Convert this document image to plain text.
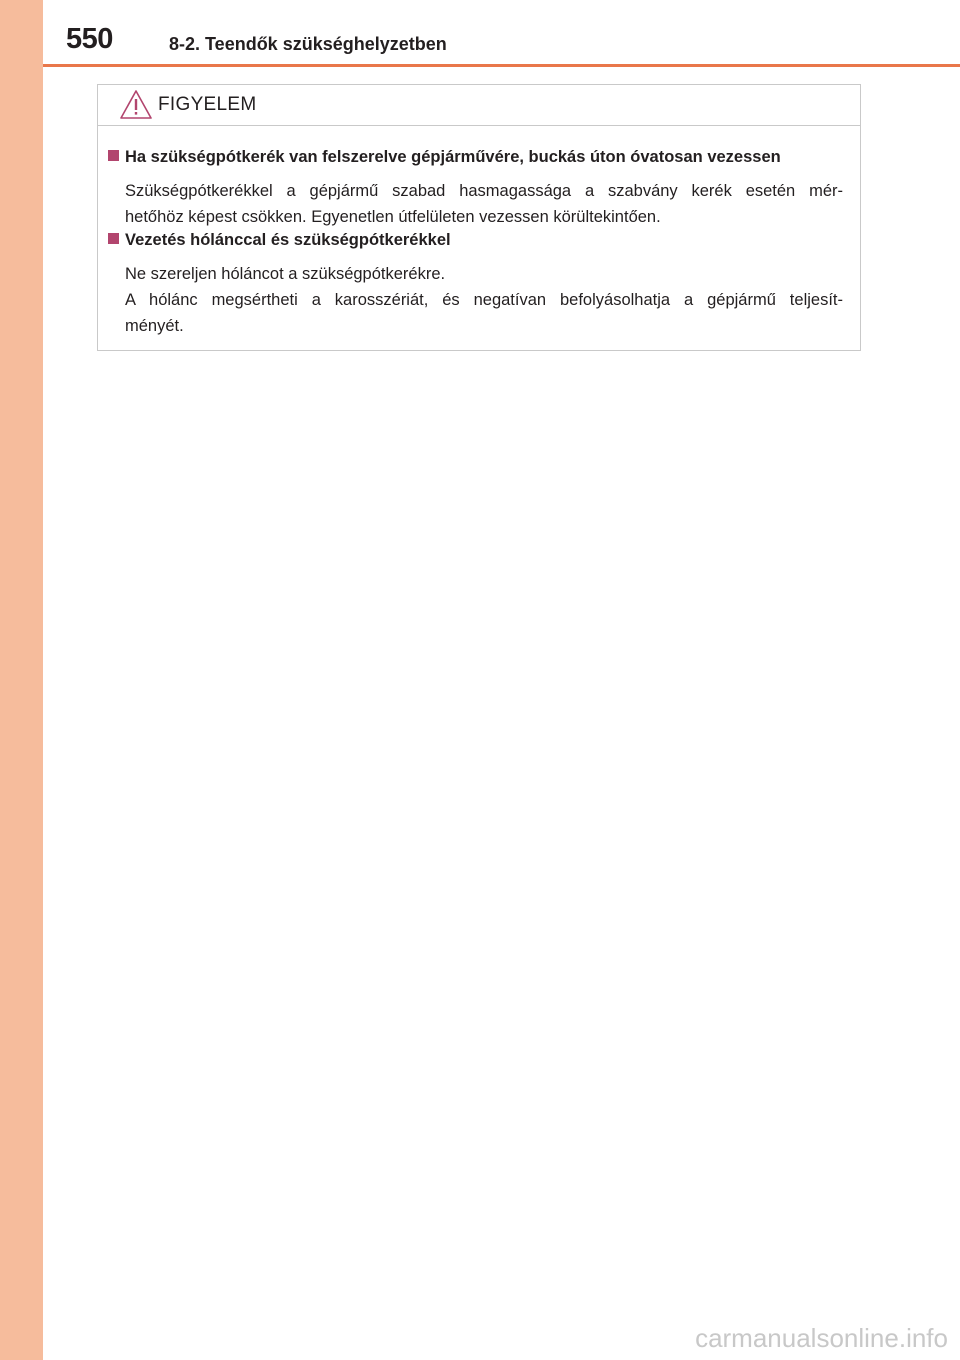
550	8-2. Teendők szükséghelyzetben
FIGYELEM
Ha szükségpótkerék van felszerelve gépjárművére, buckás úton óvatosan vezessen
Szükségpótkerékkel a gépjármű szabad hasmagassága a szabvány kerék esetén mér-
hetőhöz képest csökken. Egyenetlen útfelületen vezessen körültekintően.
Vezetés hólánccal és szükségpótkerékkel
Ne szereljen hóláncot a szükségpótkerékre.
A hólánc megsértheti a karosszériát, és negatívan befolyásolhatja a gépjármű teljesít-
ményét.
carmanualsonline.info
